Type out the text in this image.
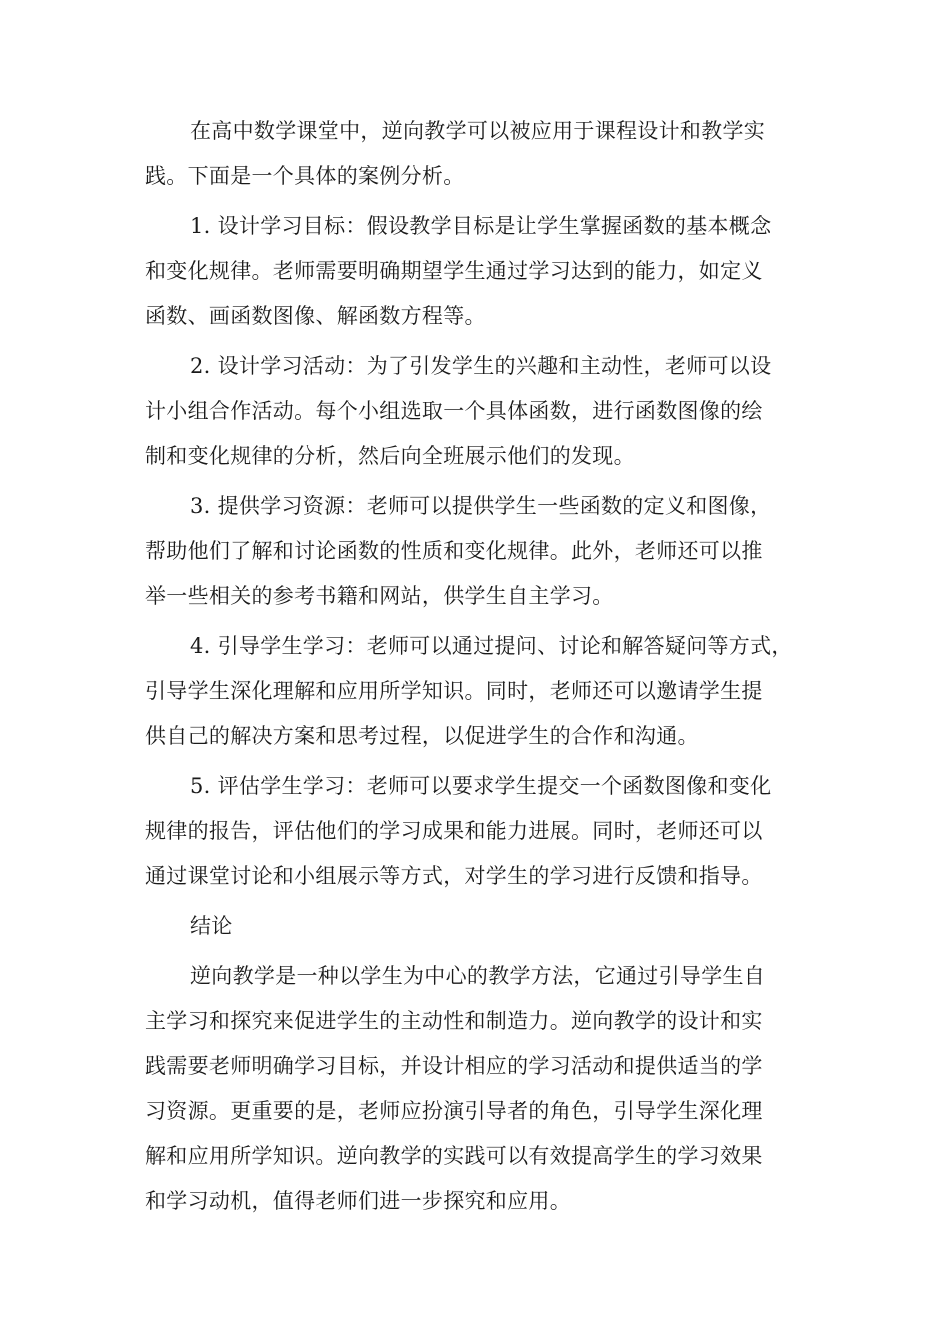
在高中数学课堂中，逆向教学可以被应用于课程设计和教学实
践。下面是一个具体的案例分析。
1. 设计学习目标：假设教学目标是让学生掌握函数的基本概念
和变化规律。老师需要明确期望学生通过学习达到的能力，如定义
函数、画函数图像、解函数方程等。
2. 设计学习活动：为了引发学生的兴趣和主动性，老师可以设
计小组合作活动。每个小组选取一个具体函数，进行函数图像的绘
制和变化规律的分析，然后向全班展示他们的发现。
3. 提供学习资源：老师可以提供学生一些函数的定义和图像，
帮助他们了解和讨论函数的性质和变化规律。此外，老师还可以推
举一些相关的参考书籍和网站，供学生自主学习。
4. 引导学生学习：老师可以通过提问、讨论和解答疑问等方式，
引导学生深化理解和应用所学知识。同时，老师还可以邀请学生提
供自己的解决方案和思考过程，以促进学生的合作和沟通。
5. 评估学生学习：老师可以要求学生提交一个函数图像和变化
规律的报告，评估他们的学习成果和能力进展。同时，老师还可以
通过课堂讨论和小组展示等方式，对学生的学习进行反馈和指导。
结论
逆向教学是一种以学生为中心的教学方法，它通过引导学生自
主学习和探究来促进学生的主动性和制造力。逆向教学的设计和实
践需要老师明确学习目标，并设计相应的学习活动和提供适当的学
习资源。更重要的是，老师应扮演引导者的角色，引导学生深化理
解和应用所学知识。逆向教学的实践可以有效提高学生的学习效果
和学习动机，值得老师们进一步探究和应用。
